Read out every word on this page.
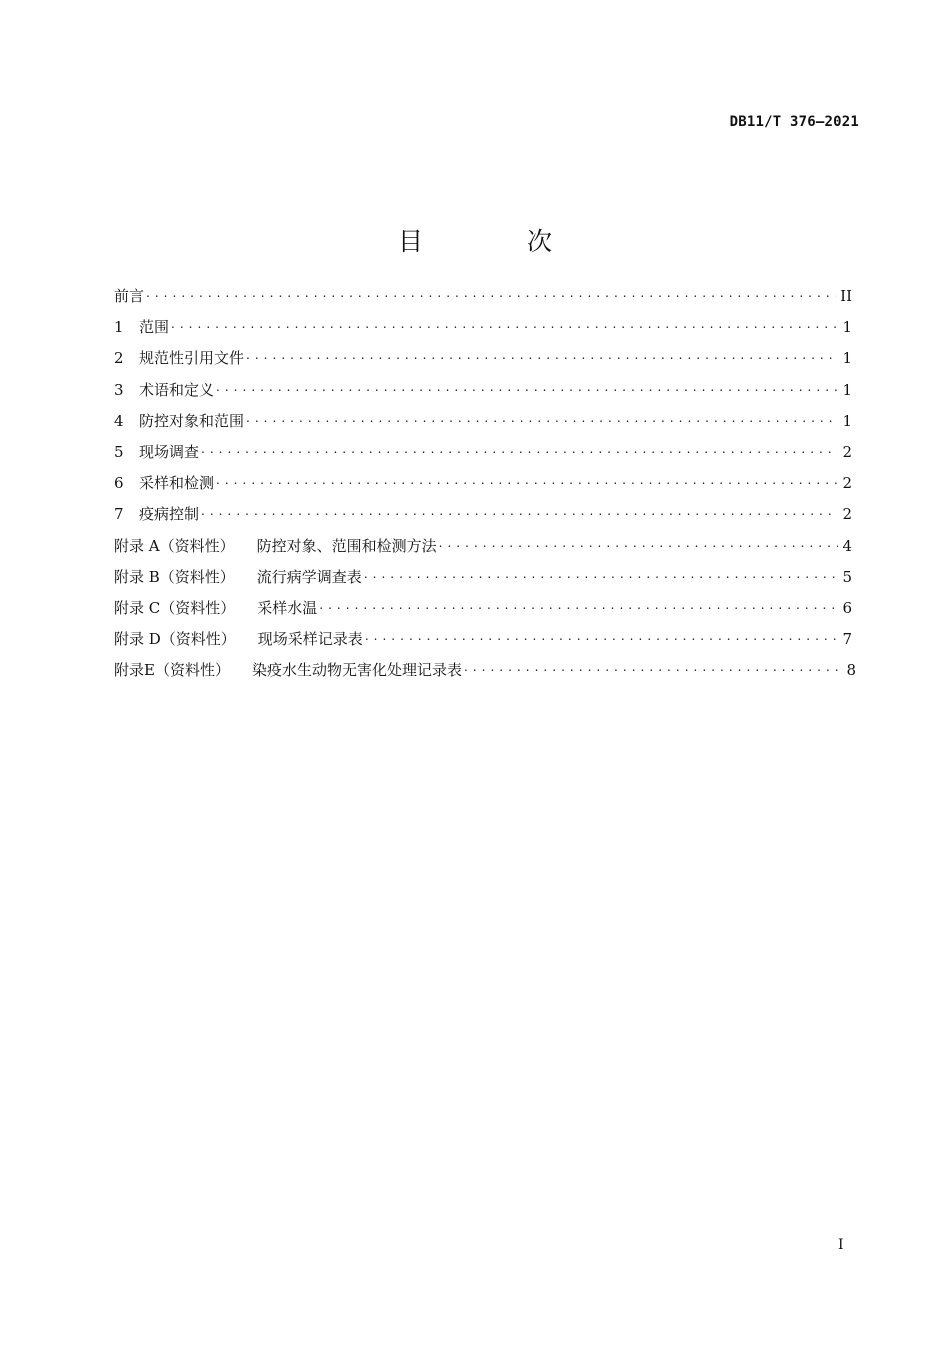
DB11/T 376—2021
目 次
前言 . . .	II
1	范围 . . .	1
2	规范性引用文件 . . .	1
3	术语和定义 . . .	1
4	防控对象和范围 . . .	1
5	现场调查 . . .	2
6	采样和检测 . . .	2
7	疫病控制 . . .	2
附录 A（资料性） 防控对象、范围和检测方法 . . .	4
附录 B（资料性） 流行病学调查表 . . .	5
附录 C（资料性） 采样水温 . . .	6
附录 D（资料性） 现场采样记录表 . . .	7
附录E（资料性） 染疫水生动物无害化处理记录表 . . .	8
I
